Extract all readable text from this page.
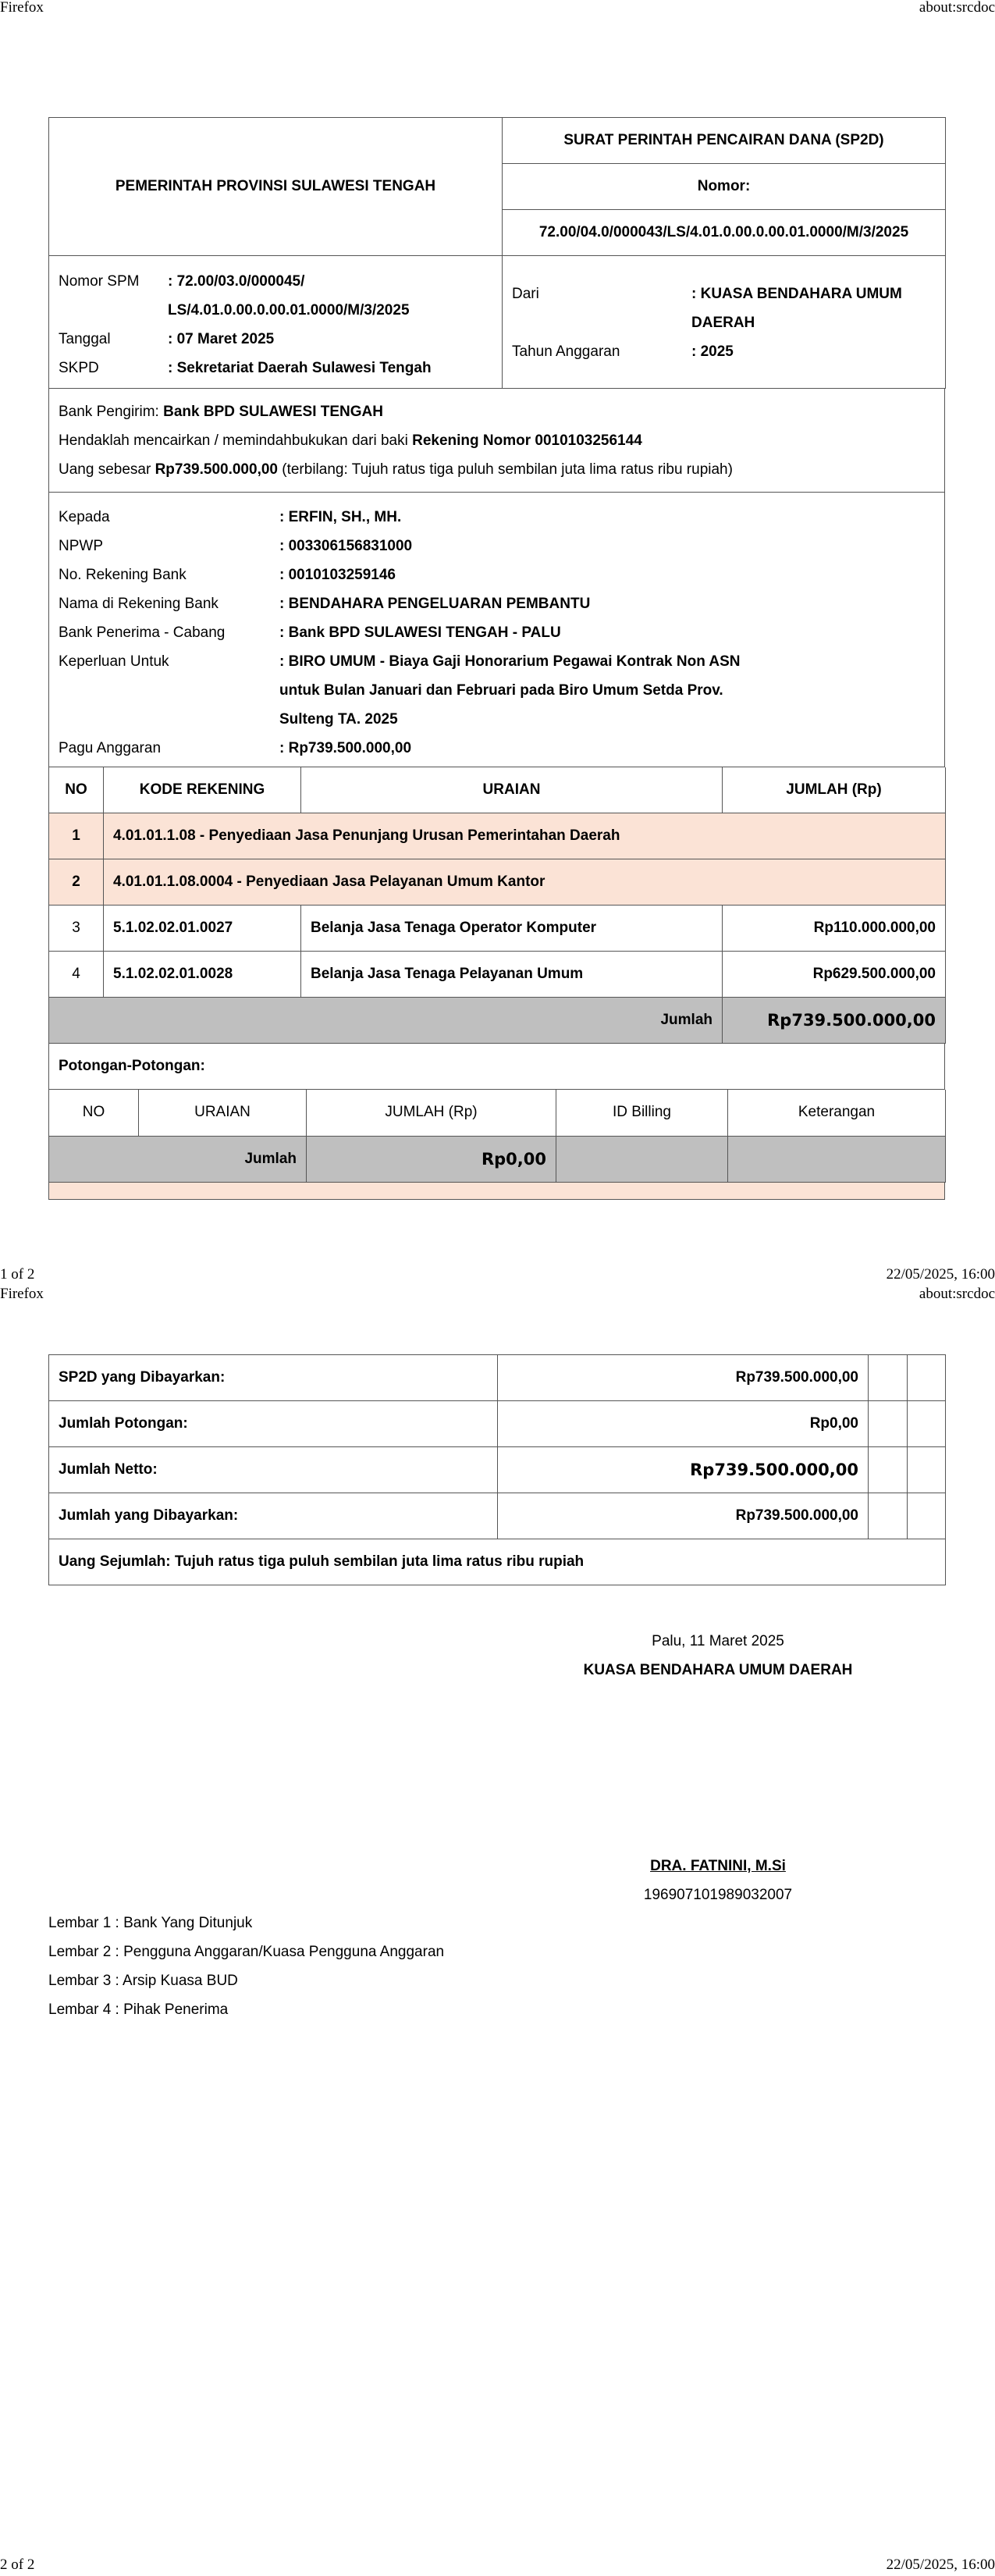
Firefox	about:srcdoc
1 of 2	22/05/2025, 16:00
Firefox	about:srcdoc
2 of 2	22/05/2025, 16:00
PEMERINTAH PROVINSI SULAWESI TENGAH	SURAT PERINTAH PENCAIRAN DANA (SP2D)
Nomor:
72.00/04.0/000043/LS/4.01.0.00.0.00.01.0000/M/3/2025
Nomor SPM	: 72.00/03.0/000045/
LS/4.01.0.00.0.00.01.0000/M/3/2025
Tanggal	: 07 Maret 2025
SKPD	: Sekretariat Daerah Sulawesi Tengah

Dari	: KUASA BENDAHARA UMUM
DAERAH
Tahun Anggaran	: 2025
Bank Pengirim: Bank BPD SULAWESI TENGAH
Hendaklah mencairkan / memindahbukukan dari baki Rekening Nomor 0010103256144
Uang sebesar Rp739.500.000,00 (terbilang: Tujuh ratus tiga puluh sembilan juta lima ratus ribu rupiah)
Kepada	: ERFIN, SH., MH.
NPWP	: 003306156831000
No. Rekening Bank	: 0010103259146
Nama di Rekening Bank	: BENDAHARA PENGELUARAN PEMBANTU
Bank Penerima - Cabang	: Bank BPD SULAWESI TENGAH - PALU
Keperluan Untuk	: BIRO UMUM - Biaya Gaji Honorarium Pegawai Kontrak Non ASN
untuk Bulan Januari dan Februari pada Biro Umum Setda Prov.
Sulteng TA. 2025
Pagu Anggaran	: Rp739.500.000,00
NO	KODE REKENING	URAIAN	JUMLAH (Rp)
1	4.01.01.1.08 - Penyediaan Jasa Penunjang Urusan Pemerintahan Daerah		
2	4.01.01.1.08.0004 - Penyediaan Jasa Pelayanan Umum Kantor		
3	5.1.02.02.01.0027	Belanja Jasa Tenaga Operator Komputer	Rp110.000.000,00
4	5.1.02.02.01.0028	Belanja Jasa Tenaga Pelayanan Umum	Rp629.500.000,00
Jumlah			Rp739.500.000,00
Potongan-Potongan:
NO	URAIAN	JUMLAH (Rp)	ID Billing	Keterangan
Jumlah		Rp0,00		
SP2D yang Dibayarkan:	Rp739.500.000,00		
Jumlah Potongan:	Rp0,00		
Jumlah Netto:	Rp739.500.000,00		
Jumlah yang Dibayarkan:	Rp739.500.000,00		
Uang Sejumlah: Tujuh ratus tiga puluh sembilan juta lima ratus ribu rupiah			
Palu, 11 Maret 2025
KUASA BENDAHARA UMUM DAERAH
DRA. FATNINI, M.Si
196907101989032007
Lembar 1 : Bank Yang Ditunjuk
Lembar 2 : Pengguna Anggaran/Kuasa Pengguna Anggaran
Lembar 3 : Arsip Kuasa BUD
Lembar 4 : Pihak Penerima
